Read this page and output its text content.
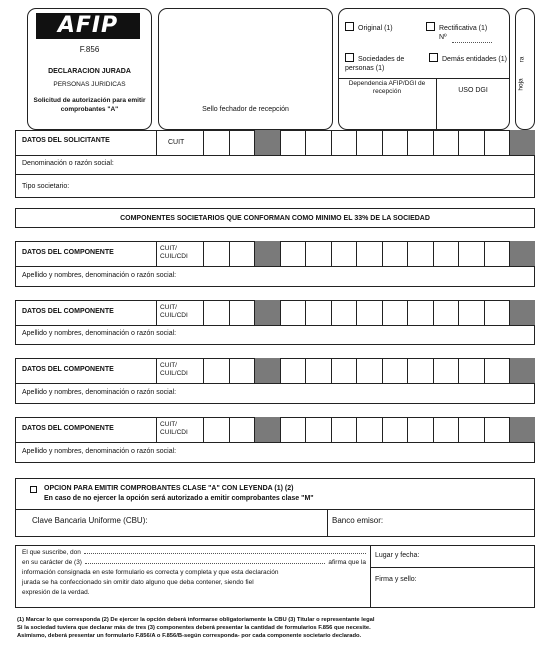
AFIP
F.856
DECLARACION JURADA
PERSONAS JURIDICAS
Solicitud de autorización para emitir comprobantes "A"	Sello fechador de recepción
Original (1)	Rectificativa (1)
Nº
Sociedades de personas (1)
Demás entidades (1)
Dependencia AFIP/DGI de recepción	USO DGI
ra
hoja
DATOS DEL SOLICITANTE	CUIT
Denominación o razón social:
Tipo societario:
COMPONENTES SOCIETARIOS QUE CONFORMAN COMO MINIMO EL 33% DE LA SOCIEDAD
DATOS DEL COMPONENTE
CUIT/ CUIL/CDI
Apellido y nombres, denominación o razón social:
DATOS DEL COMPONENTE
CUIT/ CUIL/CDI
Apellido y nombres, denominación o razón social:
DATOS DEL COMPONENTE
CUIT/ CUIL/CDI
Apellido y nombres, denominación o razón social:
DATOS DEL COMPONENTE
CUIT/ CUIL/CDI
Apellido y nombres, denominación o razón social:
OPCION PARA EMITIR COMPROBANTES CLASE "A" CON LEYENDA (1) (2)
En caso de no ejercer la opción será autorizado a emitir comprobantes clase "M"
Clave Bancaria Uniforme (CBU):	Banco emisor:
El que suscribe, don
en su carácter de (3)	afirma que la
información consignada en este formulario es correcta y completa y que esta declaración
jurada se ha confeccionado sin omitir dato alguno que deba contener, siendo fiel
expresión de la verdad.
Lugar y fecha:
Firma y sello:
(1) Marcar lo que corresponda (2) De ejercer la opción deberá informarse obligatoriamente la CBU (3) Titular o representante legal
Si la sociedad tuviera que declarar más de tres (3) componentes deberá presentar la cantidad de formularios F.856 que necesite.
Asimismo, deberá presentar un formulario F.856/A o F.856/B-según corresponda- por cada componente societario declarado.
